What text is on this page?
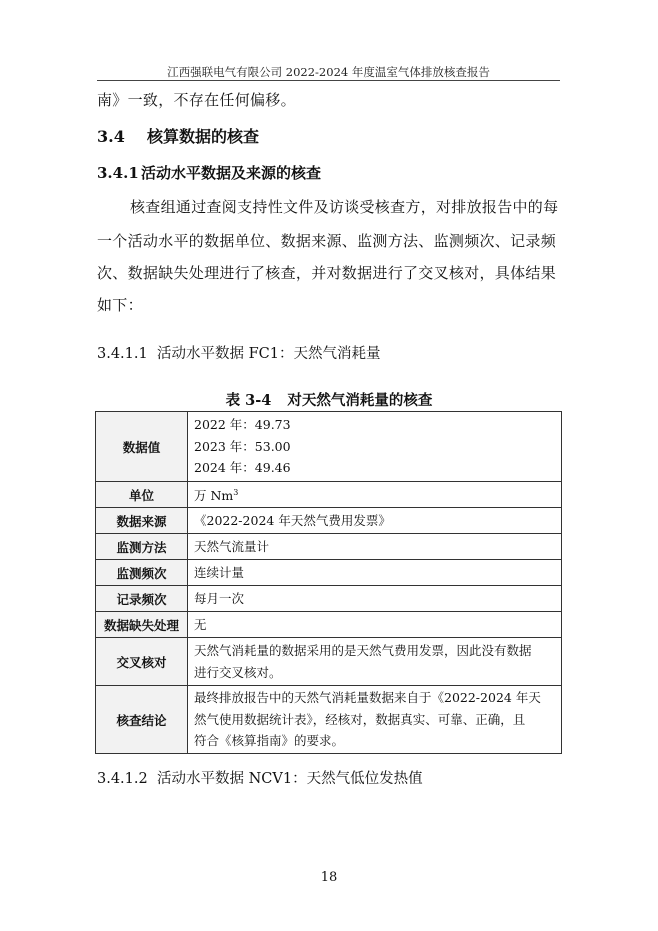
江西强联电气有限公司 2022-2024 年度温室气体排放核查报告
南》一致，不存在任何偏移。
3.4 核算数据的核查
3.4.1 活动水平数据及来源的核查
核查组通过查阅支持性文件及访谈受核查方，对排放报告中的每
一个活动水平的数据单位、数据来源、监测方法、监测频次、记录频
次、数据缺失处理进行了核查，并对数据进行了交叉核对，具体结果
如下：
3.4.1.1 活动水平数据 FC1：天然气消耗量
表 3-4 对天然气消耗量的核查
数据值	2022 年：49.73
2023 年：53.00
2024 年：49.46

单位	万 Nm$^3$
数据来源	《2022-2024 年天然气费用发票》

监测方法	天然气流量计

监测频次	连续计量

记录频次	每月一次

数据缺失处理	无

交叉核对	天然气消耗量的数据采用的是天然气费用发票，因此没有数据
进行交叉核对。

核查结论	最终排放报告中的天然气消耗量数据来自于《2022-2024 年天
然气使用数据统计表》，经核对，数据真实、可靠、正确，且
符合《核算指南》的要求。
3.4.1.2 活动水平数据 NCV1：天然气低位发热值
18
